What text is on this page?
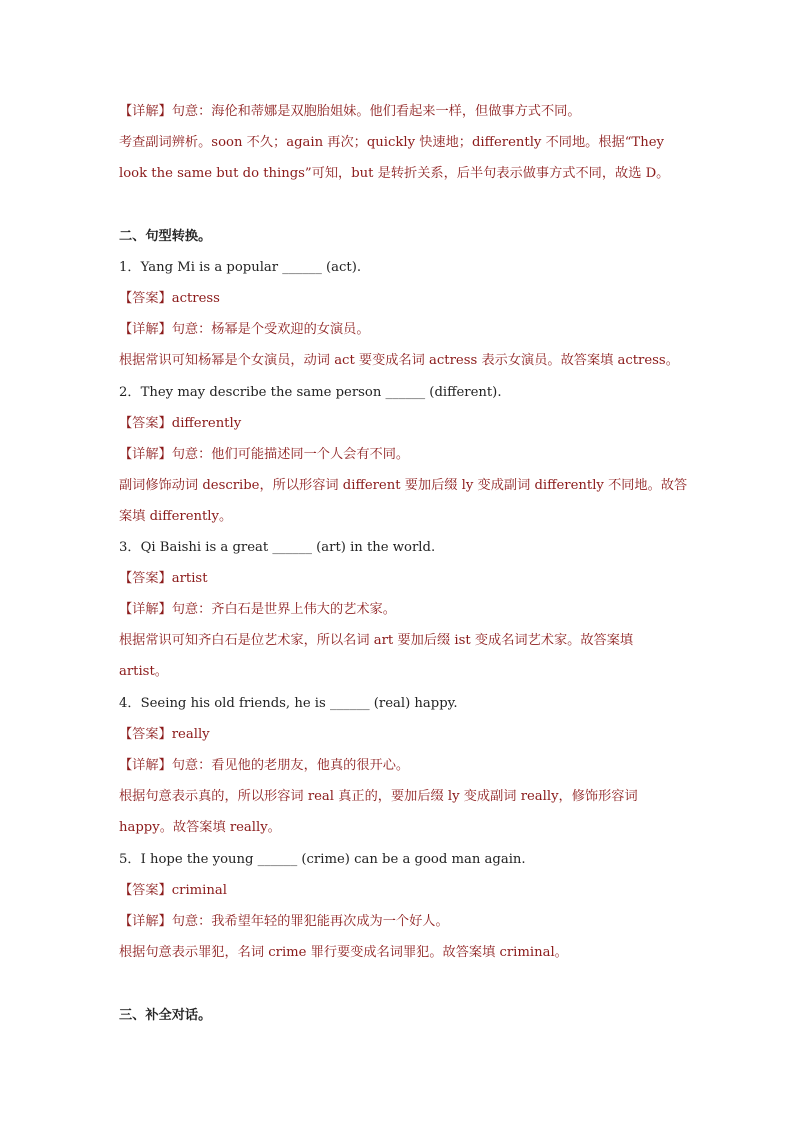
【详解】句意：海伦和蒂娜是双胞胎姐妹。他们看起来一样，但做事方式不同。
考查副词辨析。soon 不久；again 再次；quickly 快速地；differently 不同地。根据“They
look the same but do things”可知，but 是转折关系，后半句表示做事方式不同，故选 D。
二、句型转换。
1．Yang Mi is a popular ______ (act).
【答案】actress
【详解】句意：杨幂是个受欢迎的女演员。
根据常识可知杨幂是个女演员，动词 act 要变成名词 actress 表示女演员。故答案填 actress。
2．They may describe the same person ______ (different).
【答案】differently
【详解】句意：他们可能描述同一个人会有不同。
副词修饰动词 describe，所以形容词 different 要加后缀 ly 变成副词 differently 不同地。故答
案填 differently。
3．Qi Baishi is a great ______ (art) in the world.
【答案】artist
【详解】句意：齐白石是世界上伟大的艺术家。
根据常识可知齐白石是位艺术家，所以名词 art 要加后缀 ist 变成名词艺术家。故答案填
artist。
4．Seeing his old friends, he is ______ (real) happy.
【答案】really
【详解】句意：看见他的老朋友，他真的很开心。
根据句意表示真的，所以形容词 real 真正的，要加后缀 ly 变成副词 really，修饰形容词
happy。故答案填 really。
5．I hope the young ______ (crime) can be a good man again.
【答案】criminal
【详解】句意：我希望年轻的罪犯能再次成为一个好人。
根据句意表示罪犯，名词 crime 罪行要变成名词罪犯。故答案填 criminal。
三、补全对话。
